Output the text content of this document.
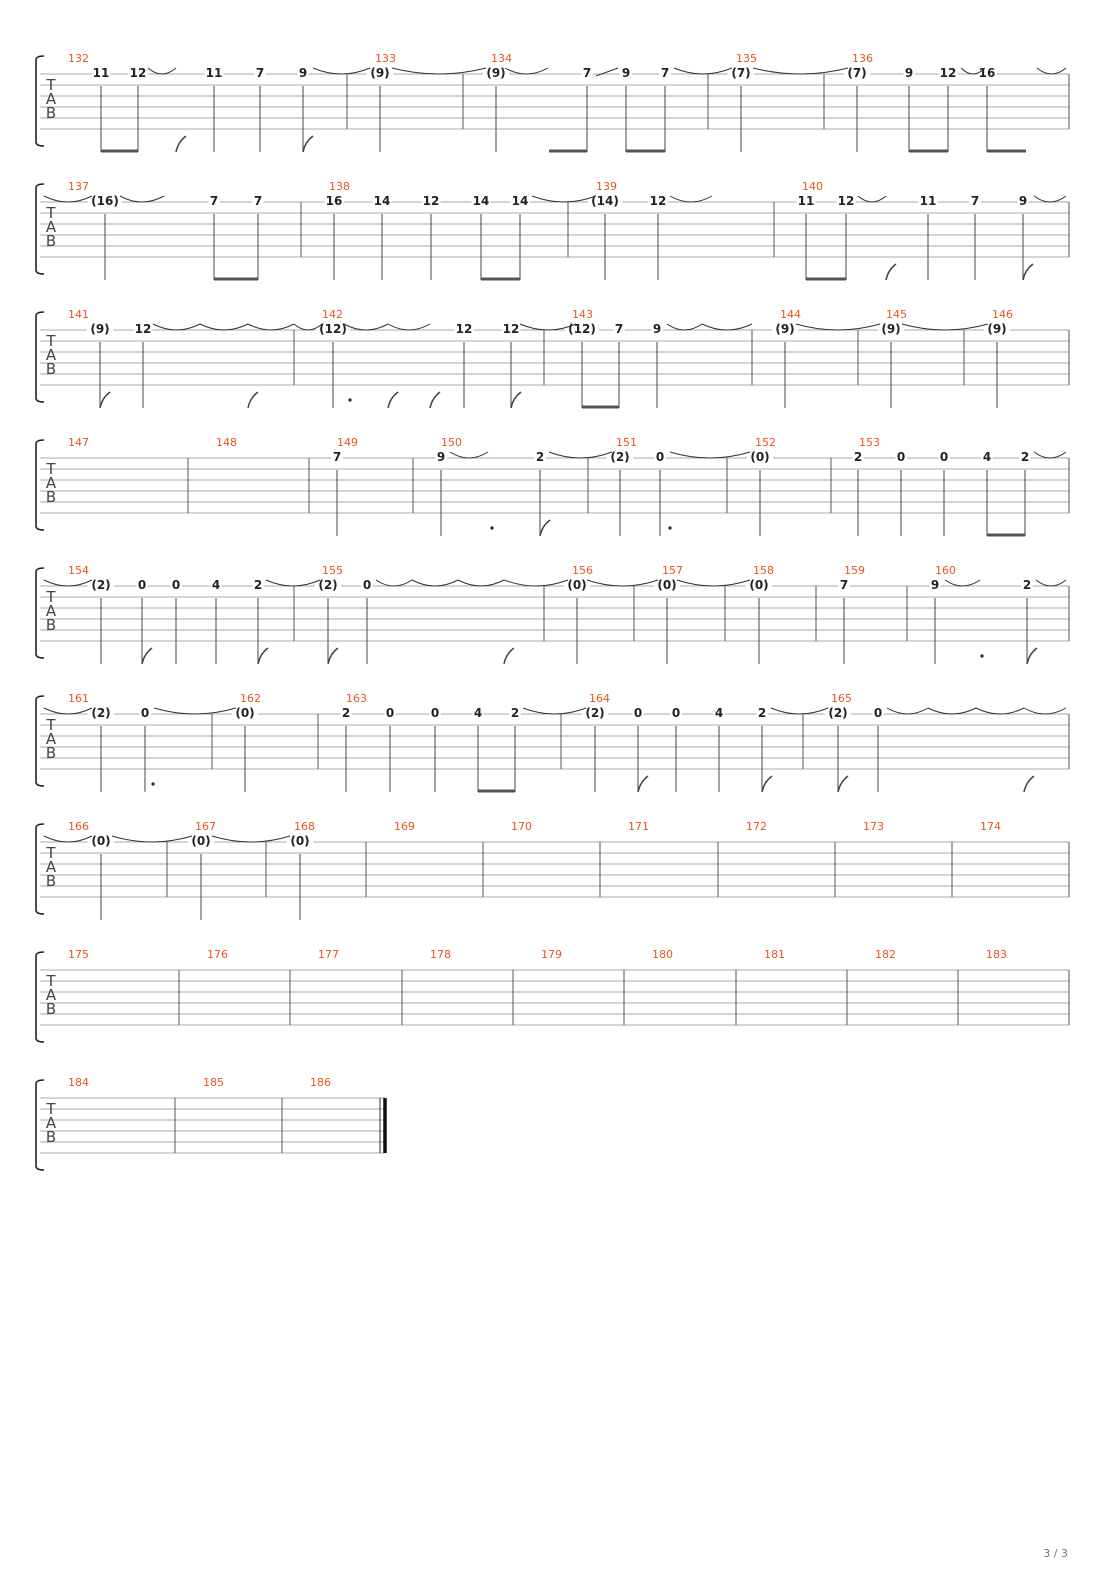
T
A
B
132
11 12	11	7	9
133
(9)
134
(9)	7	9	7
135
(7)
136
(7)	9 12 16
T
A
B
137
(16)	7	7
138
16	14	12	14 14
139
(14)	12
140
11 12	11	7	9
T
A
B
141
(9) 12
142
(12)	12	12
143
(12) 7 9
144
(9)
145
(9)
146
(9)
T
A
B
147	148	149
7
150
9	2
151
(2) 0
152
(0)
153
2	0	0	4 2
T
A
B
154
(2) 0 0	4	2
155
(2) 0
156
(0)
157
(0)
158
(0)
159
7
160
9	2
T
A
B
161
(2)	0
162
(0)
163
2	0	0	4 2
164
(2) 0 0	4	2
165
(2) 0
T
A
B
166
(0)
167
(0)
168
(0)
169	170	171	172	173	174
T
A
B
175	176	177	178	179	180	181	182	183
T
A
B
184	185	186
3 / 3
